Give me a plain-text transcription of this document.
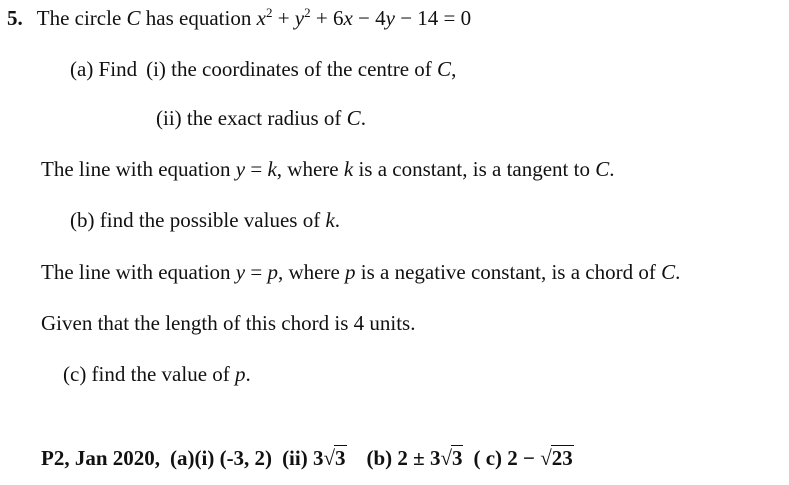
5. The circle C has equation $x^2 + y^2 + 6x - 4y - 14 = 0$
(a) Find (i) the coordinates of the centre of C,
(ii) the exact radius of C.
The line with equation y = k, where k is a constant, is a tangent to C.
(b) find the possible values of k.
The line with equation y = p, where p is a negative constant, is a chord of C.
Given that the length of this chord is 4 units.
(c) find the value of p.
P2, Jan 2020, (a)(i) (-3, 2) (ii) 3√3 (b) 2 ± 3√3 ( c) 2 − √23
